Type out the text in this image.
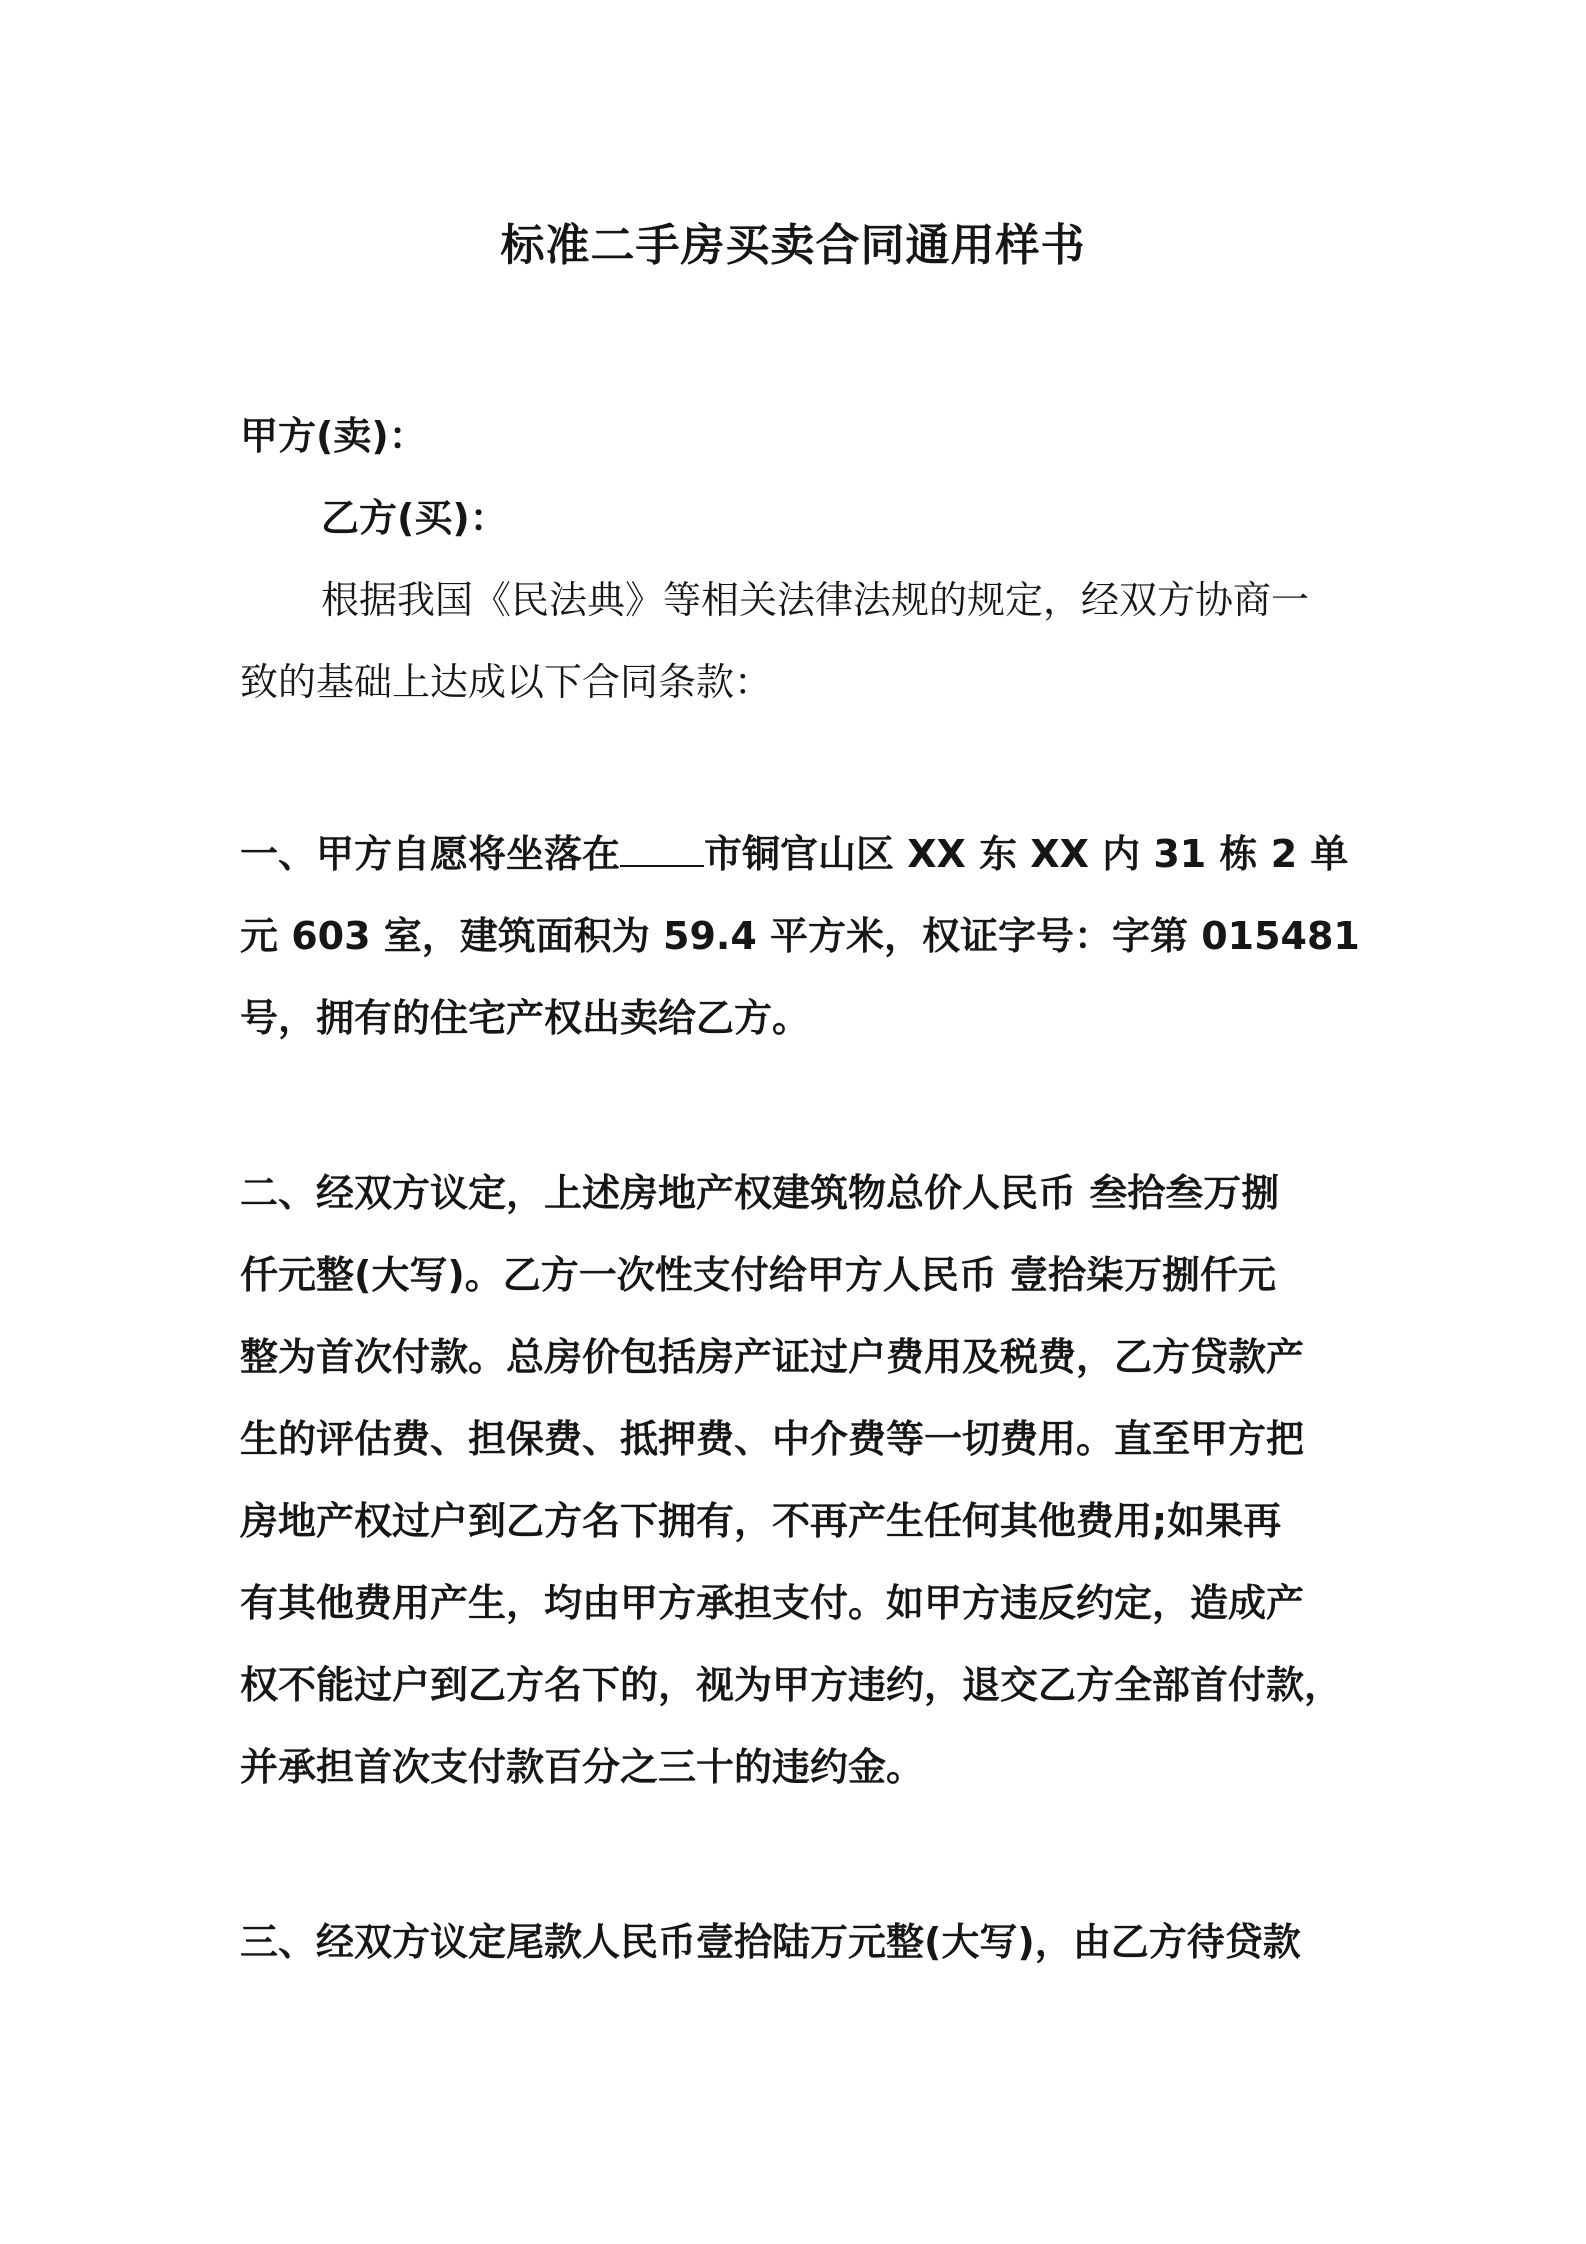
标准二手房买卖合同通用样书
甲方(卖)：
乙方(买)：
根据我国《民法典》等相关法律法规的规定，经双方协商一
致的基础上达成以下合同条款：
一、甲方自愿将坐落在 市铜官山区 XX 东 XX 内 31 栋 2 单
元 603 室，建筑面积为 59.4 平方米，权证字号：字第 015481
号，拥有的住宅产权出卖给乙方。
二、经双方议定，上述房地产权建筑物总价人民币 叁拾叁万捌
仟元整(大写)。乙方一次性支付给甲方人民币 壹拾柒万捌仟元
整为首次付款。总房价包括房产证过户费用及税费，乙方贷款产
生的评估费、担保费、抵押费、中介费等一切费用。直至甲方把
房地产权过户到乙方名下拥有，不再产生任何其他费用;如果再
有其他费用产生，均由甲方承担支付。如甲方违反约定，造成产
权不能过户到乙方名下的，视为甲方违约，退交乙方全部首付款，
并承担首次支付款百分之三十的违约金。
三、经双方议定尾款人民币壹拾陆万元整(大写)，由乙方待贷款
